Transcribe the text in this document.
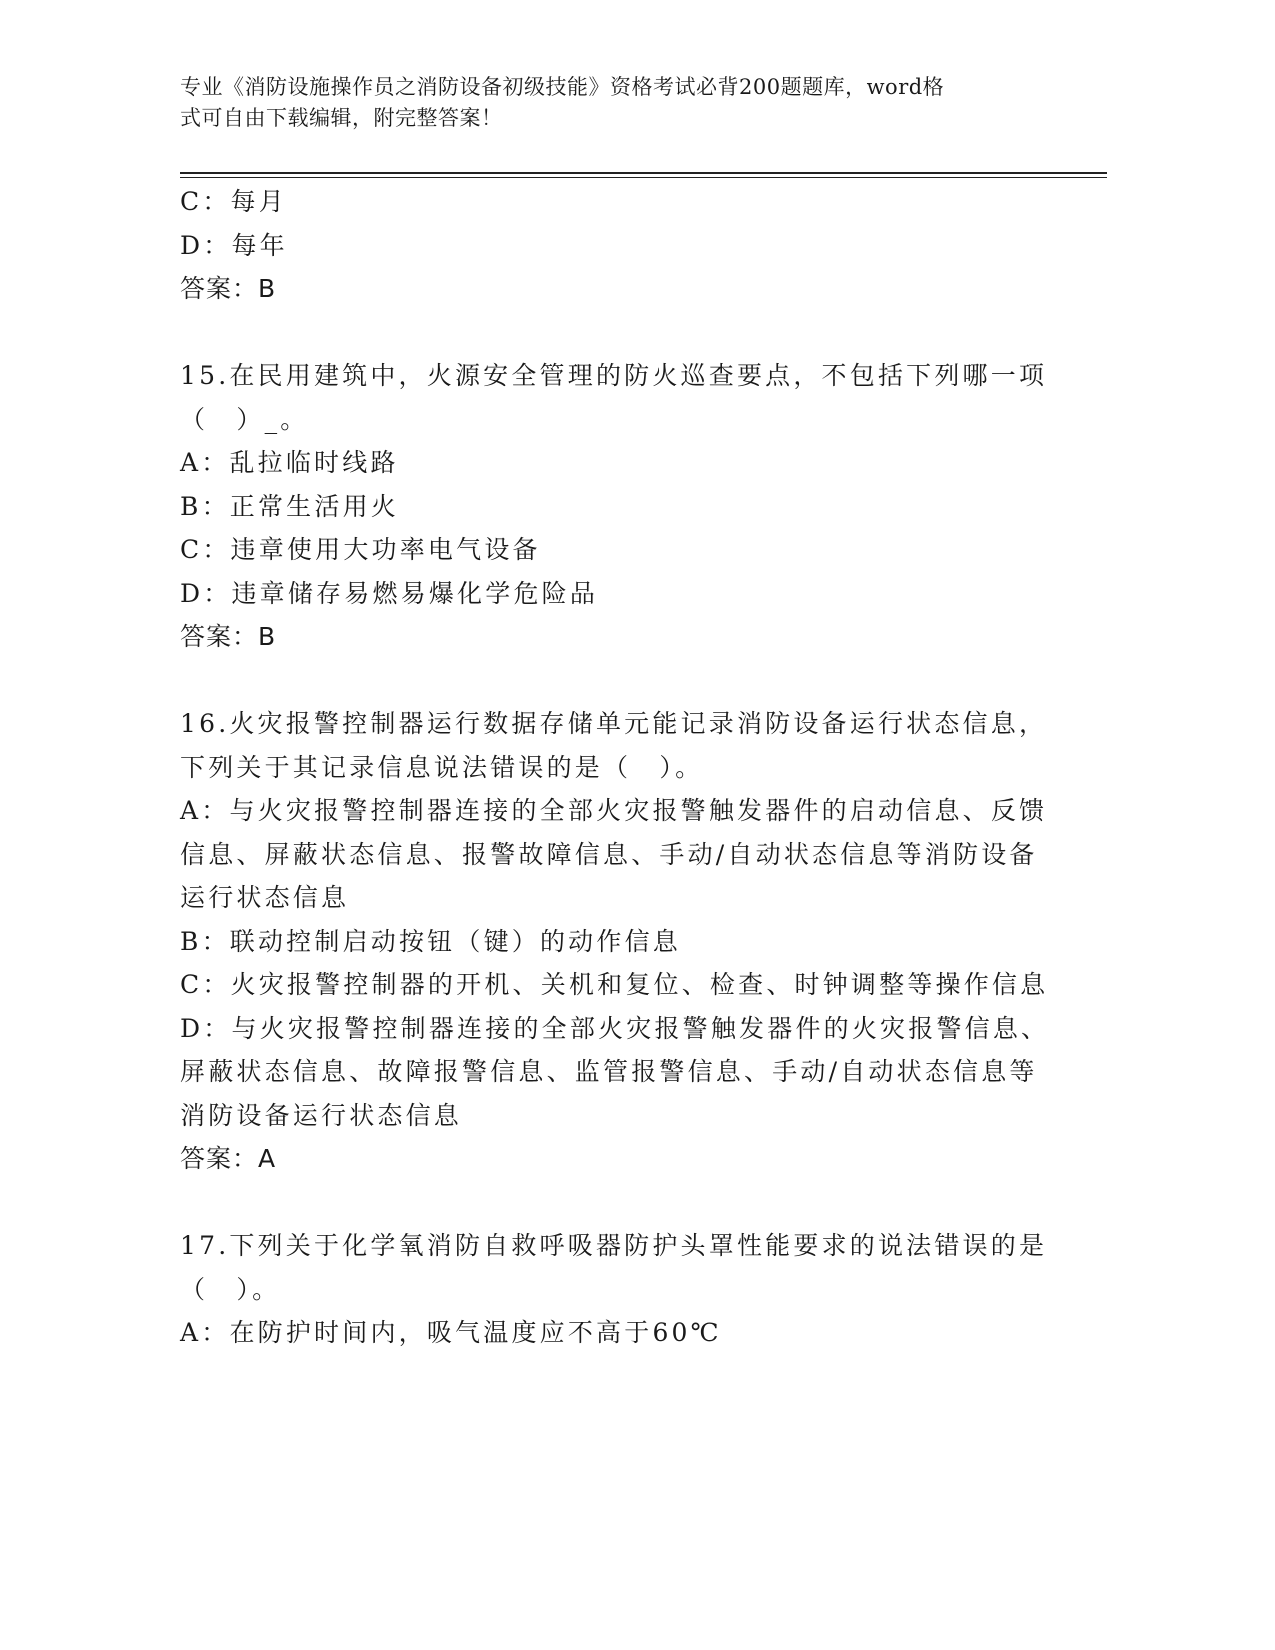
专业《消防设施操作员之消防设备初级技能》资格考试必背200题题库，word格
式可自由下载编辑，附完整答案！
C：每月
D：每年
答案：B
15.在民用建筑中，火源安全管理的防火巡查要点，不包括下列哪一项
（　）_。
A：乱拉临时线路
B：正常生活用火
C：违章使用大功率电气设备
D：违章储存易燃易爆化学危险品
答案：B
16.火灾报警控制器运行数据存储单元能记录消防设备运行状态信息，
下列关于其记录信息说法错误的是（　）。
A：与火灾报警控制器连接的全部火灾报警触发器件的启动信息、反馈
信息、屏蔽状态信息、报警故障信息、手动/自动状态信息等消防设备
运行状态信息
B：联动控制启动按钮（键）的动作信息
C：火灾报警控制器的开机、关机和复位、检查、时钟调整等操作信息
D：与火灾报警控制器连接的全部火灾报警触发器件的火灾报警信息、
屏蔽状态信息、故障报警信息、监管报警信息、手动/自动状态信息等
消防设备运行状态信息
答案：A
17.下列关于化学氧消防自救呼吸器防护头罩性能要求的说法错误的是
（　）。
A：在防护时间内，吸气温度应不高于60℃
